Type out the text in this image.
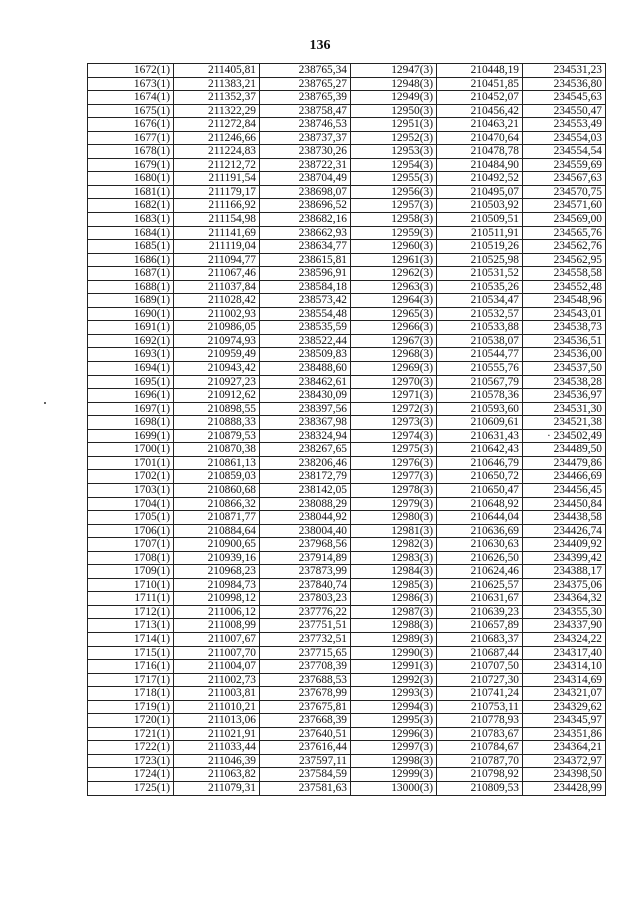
136
1672(1)	211405,81	238765,34	12947(3)	210448,19	234531,23
1673(1)	211383,21	238765,27	12948(3)	210451,85	234536,80
1674(1)	211352,37	238765,39	12949(3)	210452,07	234545,63
1675(1)	211322,29	238758,47	12950(3)	210456,42	234550,47
1676(1)	211272,84	238746,53	12951(3)	210463,21	234553,49
1677(1)	211246,66	238737,37	12952(3)	210470,64	234554,03
1678(1)	211224,83	238730,26	12953(3)	210478,78	234554,54
1679(1)	211212,72	238722,31	12954(3)	210484,90	234559,69
1680(1)	211191,54	238704,49	12955(3)	210492,52	234567,63
1681(1)	211179,17	238698,07	12956(3)	210495,07	234570,75
1682(1)	211166,92	238696,52	12957(3)	210503,92	234571,60
1683(1)	211154,98	238682,16	12958(3)	210509,51	234569,00
1684(1)	211141,69	238662,93	12959(3)	210511,91	234565,76
1685(1)	211119,04	238634,77	12960(3)	210519,26	234562,76
1686(1)	211094,77	238615,81	12961(3)	210525,98	234562,95
1687(1)	211067,46	238596,91	12962(3)	210531,52	234558,58
1688(1)	211037,84	238584,18	12963(3)	210535,26	234552,48
1689(1)	211028,42	238573,42	12964(3)	210534,47	234548,96
1690(1)	211002,93	238554,48	12965(3)	210532,57	234543,01
1691(1)	210986,05	238535,59	12966(3)	210533,88	234538,73
1692(1)	210974,93	238522,44	12967(3)	210538,07	234536,51
1693(1)	210959,49	238509,83	12968(3)	210544,77	234536,00
1694(1)	210943,42	238488,60	12969(3)	210555,76	234537,50
1695(1)	210927,23	238462,61	12970(3)	210567,79	234538,28
1696(1)	210912,62	238430,09	12971(3)	210578,36	234536,97
1697(1)	210898,55	238397,56	12972(3)	210593,60	234531,30
1698(1)	210888,33	238367,98	12973(3)	210609,61	234521,38
1699(1)	210879,53	238324,94	12974(3)	210631,43	· 234502,49
1700(1)	210870,38	238267,65	12975(3)	210642,43	234489,50
1701(1)	210861,13	238206,46	12976(3)	210646,79	234479,86
1702(1)	210859,03	238172,79	12977(3)	210650,72	234466,69
1703(1)	210860,68	238142,05	12978(3)	210650,47	234456,45
1704(1)	210866,32	238088,29	12979(3)	210648,92	234450,84
1705(1)	210871,77	238044,92	12980(3)	210644,04	234438,58
1706(1)	210884,64	238004,40	12981(3)	210636,69	234426,74
1707(1)	210900,65	237968,56	12982(3)	210630,63	234409,92
1708(1)	210939,16	237914,89	12983(3)	210626,50	234399,42
1709(1)	210968,23	237873,99	12984(3)	210624,46	234388,17
1710(1)	210984,73	237840,74	12985(3)	210625,57	234375,06
1711(1)	210998,12	237803,23	12986(3)	210631,67	234364,32
1712(1)	211006,12	237776,22	12987(3)	210639,23	234355,30
1713(1)	211008,99	237751,51	12988(3)	210657,89	234337,90
1714(1)	211007,67	237732,51	12989(3)	210683,37	234324,22
1715(1)	211007,70	237715,65	12990(3)	210687,44	234317,40
1716(1)	211004,07	237708,39	12991(3)	210707,50	234314,10
1717(1)	211002,73	237688,53	12992(3)	210727,30	234314,69
1718(1)	211003,81	237678,99	12993(3)	210741,24	234321,07
1719(1)	211010,21	237675,81	12994(3)	210753,11	234329,62
1720(1)	211013,06	237668,39	12995(3)	210778,93	234345,97
1721(1)	211021,91	237640,51	12996(3)	210783,67	234351,86
1722(1)	211033,44	237616,44	12997(3)	210784,67	234364,21
1723(1)	211046,39	237597,11	12998(3)	210787,70	234372,97
1724(1)	211063,82	237584,59	12999(3)	210798,92	234398,50
1725(1)	211079,31	237581,63	13000(3)	210809,53	234428,99
